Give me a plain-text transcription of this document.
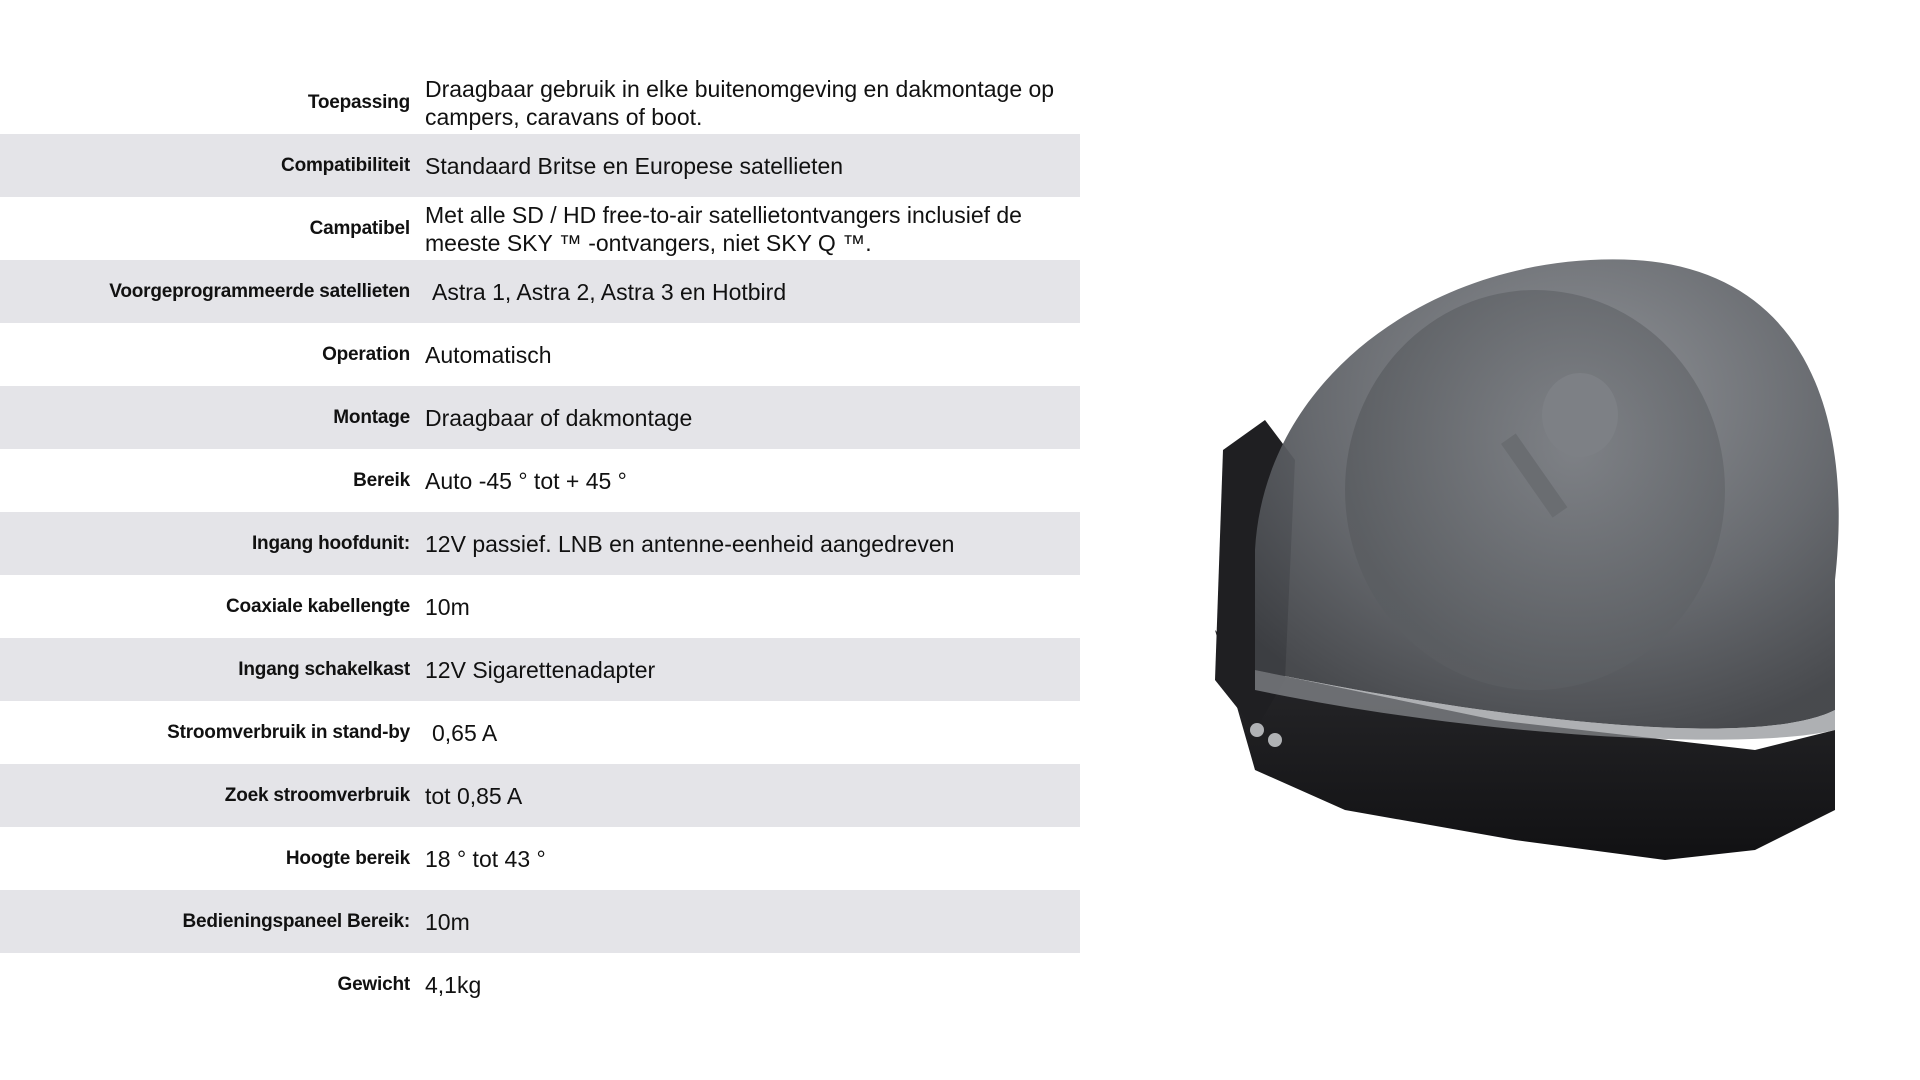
Toepassing
Draagbaar gebruik in elke buitenomgeving en dakmontage op campers, caravans of boot.
Compatibiliteit Standaard Britse en Europese satellieten
Campatibel
Met alle SD / HD free-to-air satellietontvangers inclusief de meeste SKY ™ -ontvangers, niet SKY Q ™.
Voorgeprogrammeerde satellieten Astra 1, Astra 2, Astra 3 en Hotbird
Operation Automatisch
Montage Draagbaar of dakmontage
Bereik Auto -45 ° tot + 45 °
Ingang hoofdunit: 12V passief. LNB en antenne-eenheid aangedreven
Coaxiale kabellengte 10m
Ingang schakelkast 12V Sigarettenadapter
Stroomverbruik in stand-by 0,65 A
Zoek stroomverbruik tot 0,85 A
Hoogte bereik 18 ° tot 43 °
Bedieningspaneel Bereik: 10m
Gewicht 4,1kg
